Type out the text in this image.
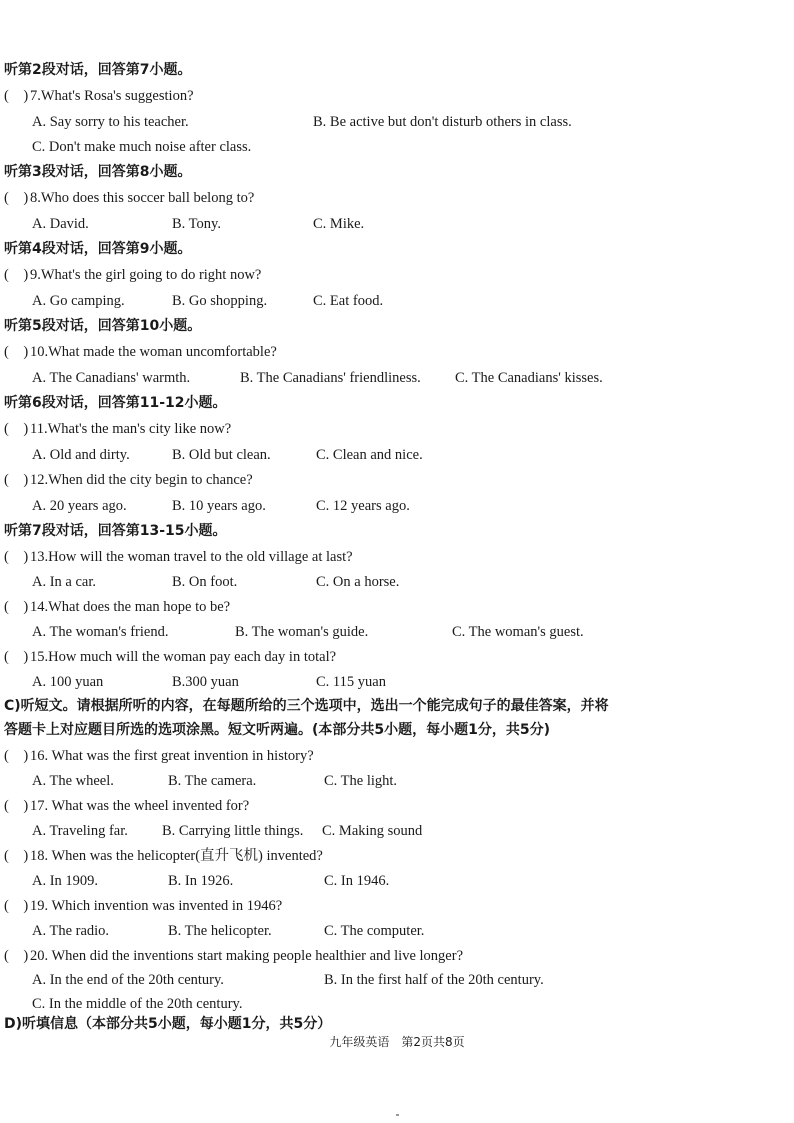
听第2段对话，回答第7小题。
(　) 7.What's Rosa's suggestion?
A. Say sorry to his teacher.	B. Be active but don't disturb others in class.
C. Don't make much noise after class.
听第3段对话，回答第8小题。
(　) 8.Who does this soccer ball belong to?
A. David.	B. Tony.	C. Mike.
听第4段对话，回答第9小题。
(　) 9.What's the girl going to do right now?
A. Go camping.	B. Go shopping.	C. Eat food.
听第5段对话，回答第10小题。
(　) 10.What made the woman uncomfortable?
A. The Canadians' warmth.	B. The Canadians' friendliness. C. The Canadians' kisses.
听第6段对话，回答第11-12小题。
(　) 11.What's the man's city like now?
A. Old and dirty.	B. Old but clean.	C. Clean and nice.
(　) 12.When did the city begin to chance?
A. 20 years ago.	B. 10 years ago.	C. 12 years ago.
听第7段对话，回答第13-15小题。
(　) 13.How will the woman travel to the old village at last?
A. In a car.	B. On foot.	C. On a horse.
(　) 14.What does the man hope to be?
A. The woman's friend.	B. The woman's guide.	C. The woman's guest.
(　) 15.How much will the woman pay each day in total?
A. 100 yuan	B.300 yuan	C. 115 yuan
C)听短文。请根据所听的内容，在每题所给的三个选项中，选出一个能完成句子的最佳答案，并将
答题卡上对应题目所选的选项涂黑。短文听两遍。(本部分共5小题，每小题1分，共5分)
(　) 16. What was the first great invention in history?
A. The wheel.	B. The camera.	C. The light.
(　) 17. What was the wheel invented for?
A. Traveling far. B. Carrying little things. C. Making sound
(　) 18. When was the helicopter(直升飞机) invented?
A. In 1909.	B. In 1926.	C. In 1946.
(　) 19. Which invention was invented in 1946?
A. The radio.	B. The helicopter.	C. The computer.
(　) 20. When did the inventions start making people healthier and live longer?
A. In the end of the 20th century.	B. In the first half of the 20th century.
C. In the middle of the 20th century.
D)听填信息（本部分共5小题，每小题1分，共5分）
九年级英语　第2页共8页
